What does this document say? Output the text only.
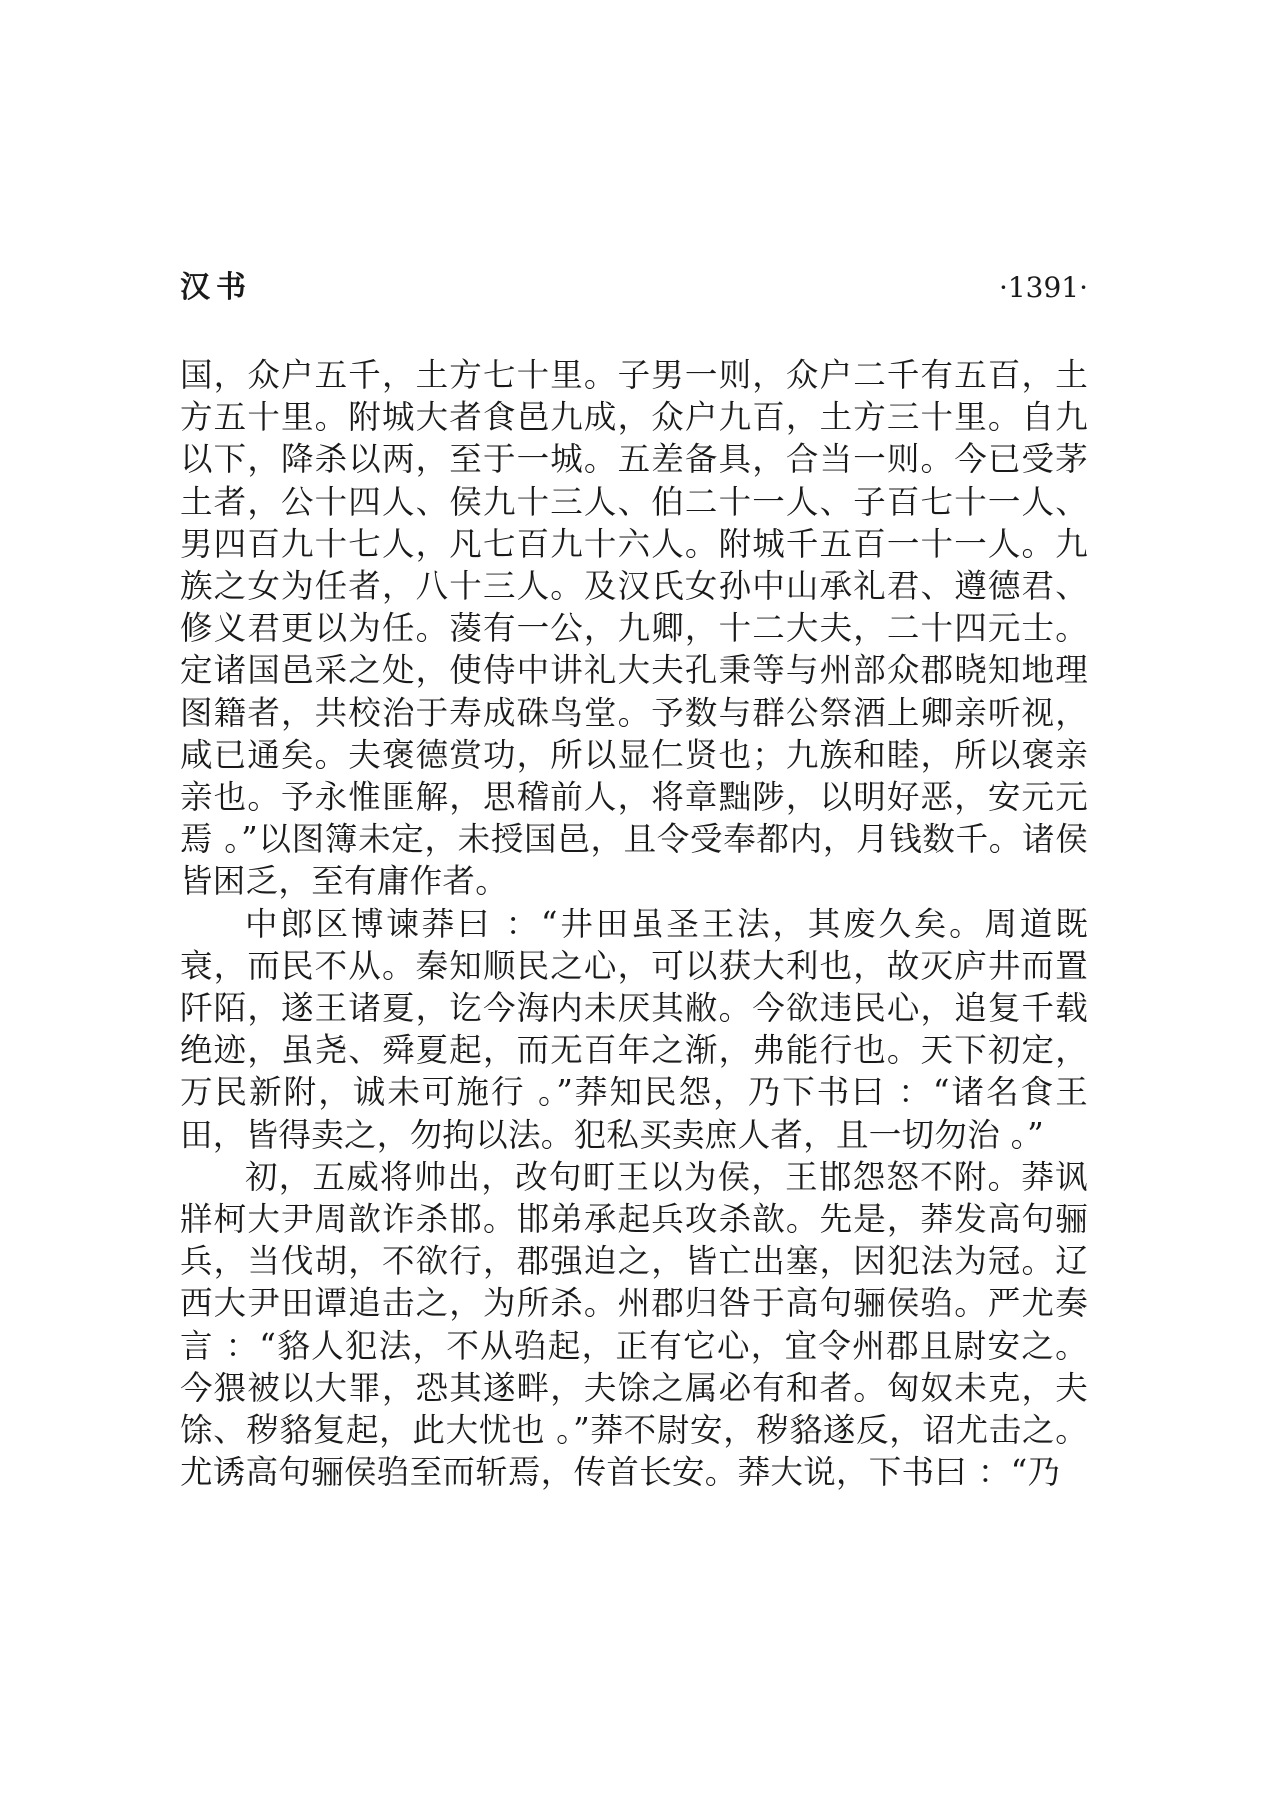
汉书	·1391·

国，众户五千，土方七十里。子男一则，众户二千有五百，土方五十里。附城大者食邑九成，众户九百，土方三十里。自九以下，降杀以两，至于一城。五差备具，合当一则。今已受茅土者，公十四人、侯九十三人、伯二十一人、子百七十一人、男四百九十七人，凡七百九十六人。附城千五百一十一人。九族之女为任者，八十三人。及汉氏女孙中山承礼君、遵德君、修义君更以为任。蓤有一公，九卿，十二大夫，二十四元士。定诸国邑采之处，使侍中讲礼大夫孔秉等与州部众郡晓知地理图籍者，共校治于寿成硃鸟堂。予数与群公祭酒上卿亲听视，咸已通矣。夫褒德赏功，所以显仁贤也；九族和睦，所以褒亲亲也。予永惟匪解，思稽前人，将章黜陟，以明好恶，安元元焉 。”以图簿未定，未授国邑，且令受奉都内，月钱数千。诸侯皆困乏，至有庸作者。

中郎区博谏莽曰 ：“井田虽圣王法，其废久矣。周道既衰，而民不从。秦知顺民之心，可以获大利也，故灭庐井而置阡陌，遂王诸夏，讫今海内未厌其敝。今欲违民心，追复千载绝迹，虽尧、舜夏起，而无百年之渐，弗能行也。天下初定，万民新附，诚未可施行 。”莽知民怨，乃下书曰 ：“诸名食王田，皆得卖之，勿拘以法。犯私买卖庶人者，且一切勿治 。”

初，五威将帅出，改句町王以为侯，王邯怨怒不附。莽讽牂柯大尹周歆诈杀邯。邯弟承起兵攻杀歆。先是，莽发高句骊兵，当伐胡，不欲行，郡强迫之，皆亡出塞，因犯法为冠。辽西大尹田谭追击之，为所杀。州郡归咎于高句骊侯驺。严尤奏言 ：“貉人犯法，不从驺起，正有它心，宜令州郡且尉安之。今猥被以大罪，恐其遂畔，夫馀之属必有和者。匈奴未克，夫馀、秽貉复起，此大忧也 。”莽不尉安，秽貉遂反，诏尤击之。尤诱高句骊侯驺至而斩焉，传首长安。莽大说，下书曰 ：“乃
